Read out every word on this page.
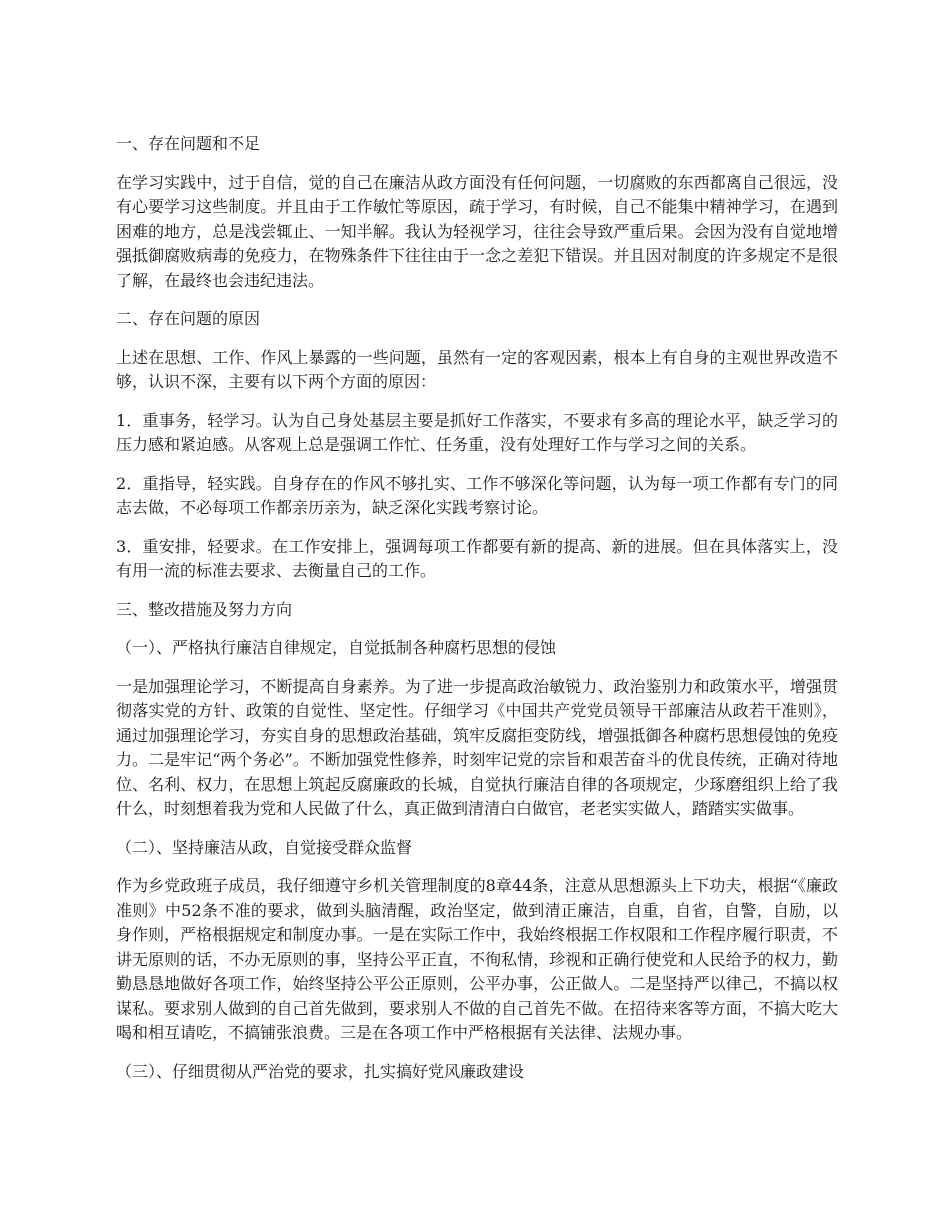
一、存在问题和不足

在学习实践中，过于自信，觉的自己在廉洁从政方面没有任何问题，一切腐败的东西都离自己很远，没有心要学习这些制度。并且由于工作敏忙等原因，疏于学习，有时候，自己不能集中精神学习，在遇到困难的地方，总是浅尝辄止、一知半解。我认为轻视学习，往往会导致严重后果。会因为没有自觉地增强抵御腐败病毒的免疫力，在物殊条件下往往由于一念之差犯下错误。并且因对制度的许多规定不是很了解，在最终也会违纪违法。

二、存在问题的原因

上述在思想、工作、作风上暴露的一些问题，虽然有一定的客观因素，根本上有自身的主观世界改造不够，认识不深，主要有以下两个方面的原因：

1．重事务，轻学习。认为自己身处基层主要是抓好工作落实，不要求有多高的理论水平，缺乏学习的压力感和紧迫感。从客观上总是强调工作忙、任务重，没有处理好工作与学习之间的关系。

2．重指导，轻实践。自身存在的作风不够扎实、工作不够深化等问题，认为每一项工作都有专门的同志去做，不必每项工作都亲历亲为，缺乏深化实践考察讨论。

3．重安排，轻要求。在工作安排上，强调每项工作都要有新的提高、新的进展。但在具体落实上，没有用一流的标准去要求、去衡量自己的工作。

三、整改措施及努力方向

（一）、严格执行廉洁自律规定，自觉抵制各种腐朽思想的侵蚀

一是加强理论学习，不断提高自身素养。为了进一步提高政治敏锐力、政治鉴别力和政策水平，增强贯彻落实党的方针、政策的自觉性、坚定性。仔细学习《中国共产党党员领导干部廉洁从政若干准则》，通过加强理论学习，夯实自身的思想政治基础，筑牢反腐拒变防线，增强抵御各种腐朽思想侵蚀的免疫力。二是牢记“两个务必”。不断加强党性修养，时刻牢记党的宗旨和艰苦奋斗的优良传统，正确对待地位、名利、权力，在思想上筑起反腐廉政的长城，自觉执行廉洁自律的各项规定，少琢磨组织上给了我什么，时刻想着我为党和人民做了什么，真正做到清清白白做官，老老实实做人，踏踏实实做事。

（二）、坚持廉洁从政，自觉接受群众监督

作为乡党政班子成员，我仔细遵守乡机关管理制度的8章44条，注意从思想源头上下功夫，根据“《廉政准则》中52条不准的要求，做到头脑清醒，政治坚定，做到清正廉洁，自重，自省，自警，自励，以身作则，严格根据规定和制度办事。一是在实际工作中，我始终根据工作权限和工作程序履行职责，不讲无原则的话，不办无原则的事，坚持公平正直，不徇私情，珍视和正确行使党和人民给予的权力，勤勤恳恳地做好各项工作，始终坚持公平公正原则，公平办事，公正做人。二是坚持严以律己，不搞以权谋私。要求别人做到的自己首先做到，要求别人不做的自己首先不做。在招待来客等方面，不搞大吃大喝和相互请吃，不搞铺张浪费。三是在各项工作中严格根据有关法律、法规办事。

（三）、仔细贯彻从严治党的要求，扎实搞好党风廉政建设
